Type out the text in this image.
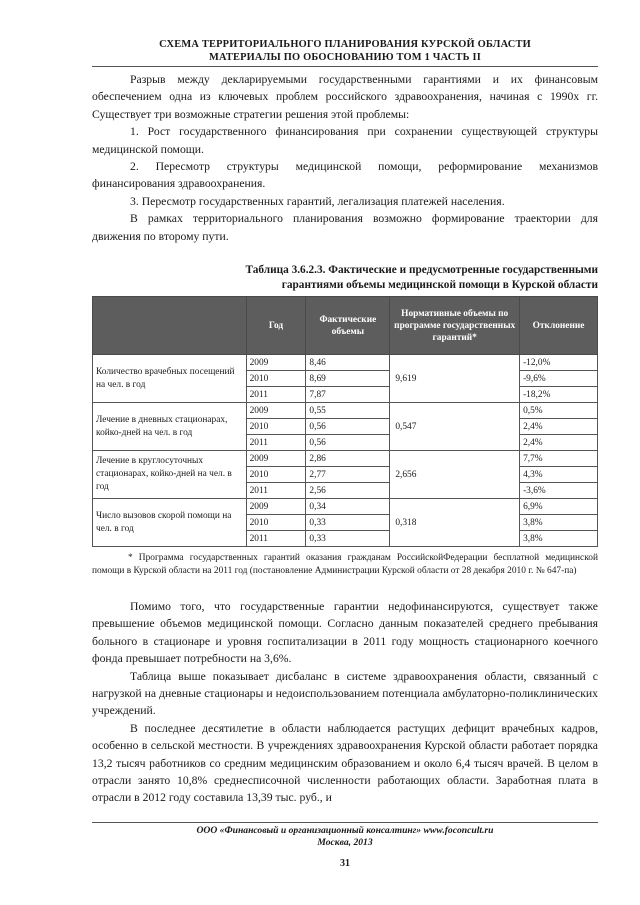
СХЕМА ТЕРРИТОРИАЛЬНОГО ПЛАНИРОВАНИЯ КУРСКОЙ ОБЛАСТИ
МАТЕРИАЛЫ ПО ОБОСНОВАНИЮ ТОМ 1 ЧАСТЬ II

Разрыв между декларируемыми государственными гарантиями и их финансовым обеспечением одна из ключевых проблем российского здравоохранения, начиная с 1990х гг. Существует три возможные стратегии решения этой проблемы:

1. Рост государственного финансирования при сохранении существующей структуры медицинской помощи.

2. Пересмотр структуры медицинской помощи, реформирование механизмов финансирования здравоохранения.

3. Пересмотр государственных гарантий, легализация платежей населения.

В рамках территориального планирования возможно формирование траектории для движения по второму пути.

Таблица 3.6.2.3. Фактические и предусмотренные государственными
гарантиями объемы медицинской помощи в Курской области
	Год	Фактические объемы	Нормативные объемы по программе государственных гарантий*	Отклонение
Количество врачебных посещений на чел. в год	2009	8,46	9,619	-12,0%
	2010	8,69		-9,6%
	2011	7,87		-18,2%
Лечение в дневных стационарах, койко-дней на чел. в год	2009	0,55	0,547	0,5%
	2010	0,56		2,4%
	2011	0,56		2,4%
Лечение в круглосуточных стационарах, койко-дней на чел. в год	2009	2,86	2,656	7,7%
	2010	2,77		4,3%
	2011	2,56		-3,6%
Число вызовов скорой помощи на чел. в год	2009	0,34	0,318	6,9%
	2010	0,33		3,8%
	2011	0,33		3,8%

* Программа государственных гарантий оказания гражданам РоссийскойФедерации бесплатной медицинской помощи в Курской области на 2011 год (постановление Администрации Курской области от 28 декабря 2010 г. № 647-па)

Помимо того, что государственные гарантии недофинансируются, существует также превышение объемов медицинской помощи. Согласно данным показателей среднего пребывания больного в стационаре и уровня госпитализации в 2011 году мощность стационарного коечного фонда превышает потребности на 3,6%.

Таблица выше показывает дисбаланс в системе здравоохранения области, связанный с нагрузкой на дневные стационары и недоиспользованием потенциала амбулаторно-поликлинических учреждений.

В последнее десятилетие в области наблюдается растущих дефицит врачебных кадров, особенно в сельской местности. В учреждениях здравоохранения Курской области работает порядка 13,2 тысяч работников со средним медицинским образованием и около 6,4 тысяч врачей. В целом в отрасли занято 10,8% среднесписочной численности работающих области. Заработная плата в отрасли в 2012 году составила 13,39 тыс. руб., и

ООО «Финансовый и организационный консалтинг» www.foconcult.ru
Москва, 2013
31
